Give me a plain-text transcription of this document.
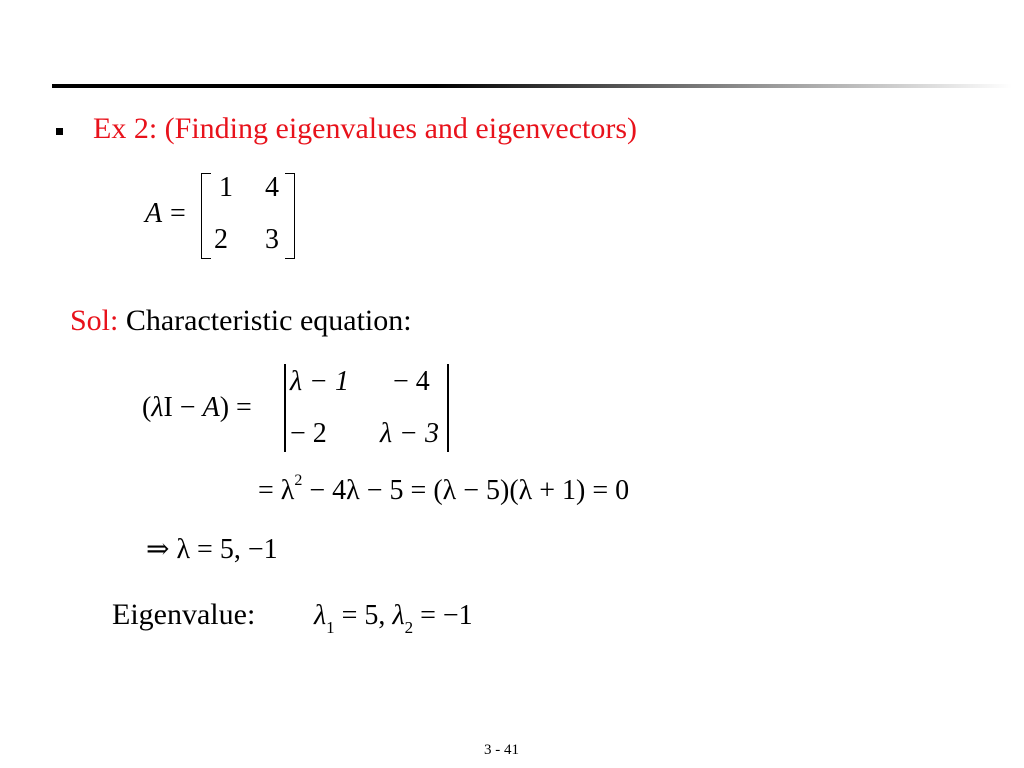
Ex 2: (Finding eigenvalues and eigenvectors)
A =
1 4
2 3
Sol: Characteristic equation:
(λI − A) =
λ − 1 − 4
− 2 λ − 3
= $\lambda^2 - 4\lambda - 5 = (\lambda - 5)(\lambda + 1) = 0$
⇒ λ = 5, −1
Eigenvalue: $\lambda_1 = 5$, $\lambda_2 = -1$
3 - 41
